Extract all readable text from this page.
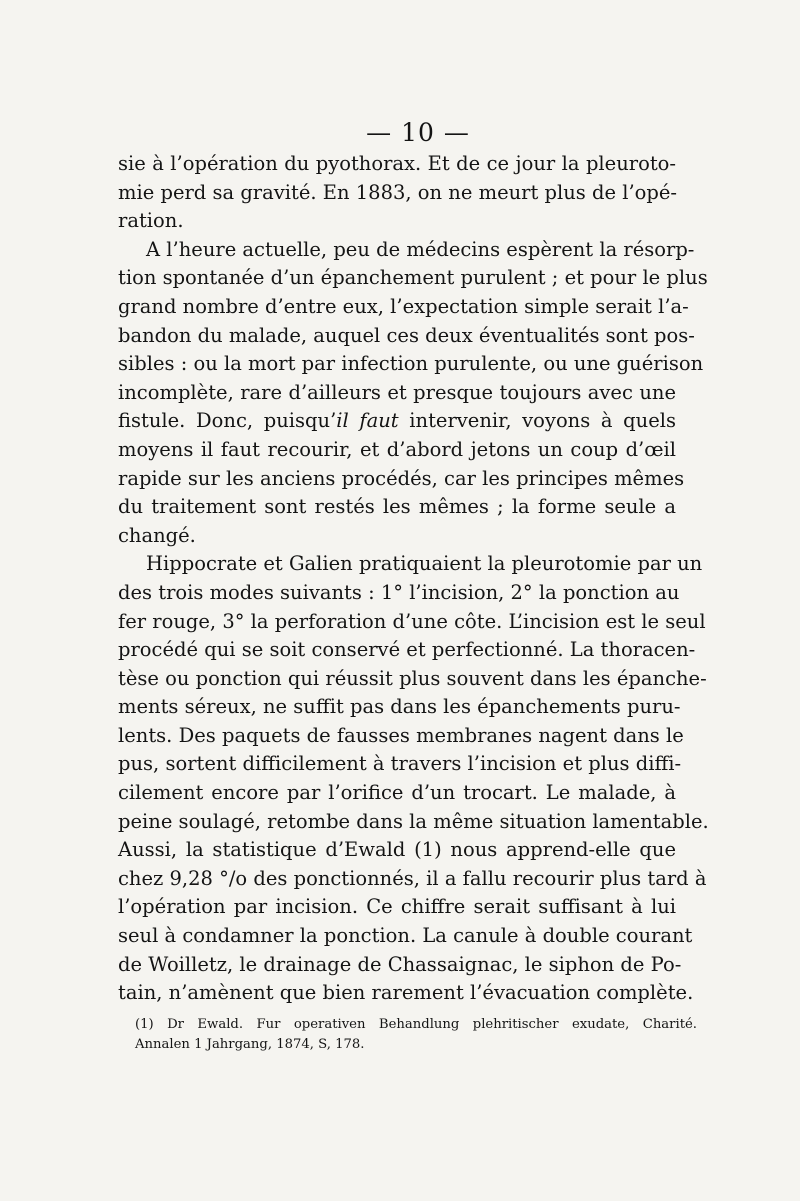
— 10 —

sie à l’opération du pyothorax. Et de ce jour la pleuroto-
mie perd sa gravité. En 1883, on ne meurt plus de l’opé-
ration.

A l’heure actuelle, peu de médecins espèrent la résorp-
tion spontanée d’un épanchement purulent ; et pour le plus
grand nombre d’entre eux, l’expectation simple serait l’a-
bandon du malade, auquel ces deux éventualités sont pos-
sibles : ou la mort par infection purulente, ou une guérison
incomplète, rare d’ailleurs et presque toujours avec une
fistule. Donc, puisqu’il faut intervenir, voyons à quels
moyens il faut recourir, et d’abord jetons un coup d’œil
rapide sur les anciens procédés, car les principes mêmes
du traitement sont restés les mêmes ; la forme seule a
changé.

Hippocrate et Galien pratiquaient la pleurotomie par un
des trois modes suivants : 1° l’incision, 2° la ponction au
fer rouge, 3° la perforation d’une côte. L’incision est le seul
procédé qui se soit conservé et perfectionné. La thoracen-
tèse ou ponction qui réussit plus souvent dans les épanche-
ments séreux, ne suffit pas dans les épanchements puru-
lents. Des paquets de fausses membranes nagent dans le
pus, sortent difficilement à travers l’incision et plus diffi-
cilement encore par l’orifice d’un trocart. Le malade, à
peine soulagé, retombe dans la même situation lamentable.
Aussi, la statistique d’Ewald (1) nous apprend-elle que
chez 9,28 °/o des ponctionnés, il a fallu recourir plus tard à
l’opération par incision. Ce chiffre serait suffisant à lui
seul à condamner la ponction. La canule à double courant
de Woilletz, le drainage de Chassaignac, le siphon de Po-
tain, n’amènent que bien rarement l’évacuation complète.

(1) Dr Ewald. Fur operativen Behandlung plehritischer exudate, Charité.
Annalen 1 Jahrgang, 1874, S, 178.
